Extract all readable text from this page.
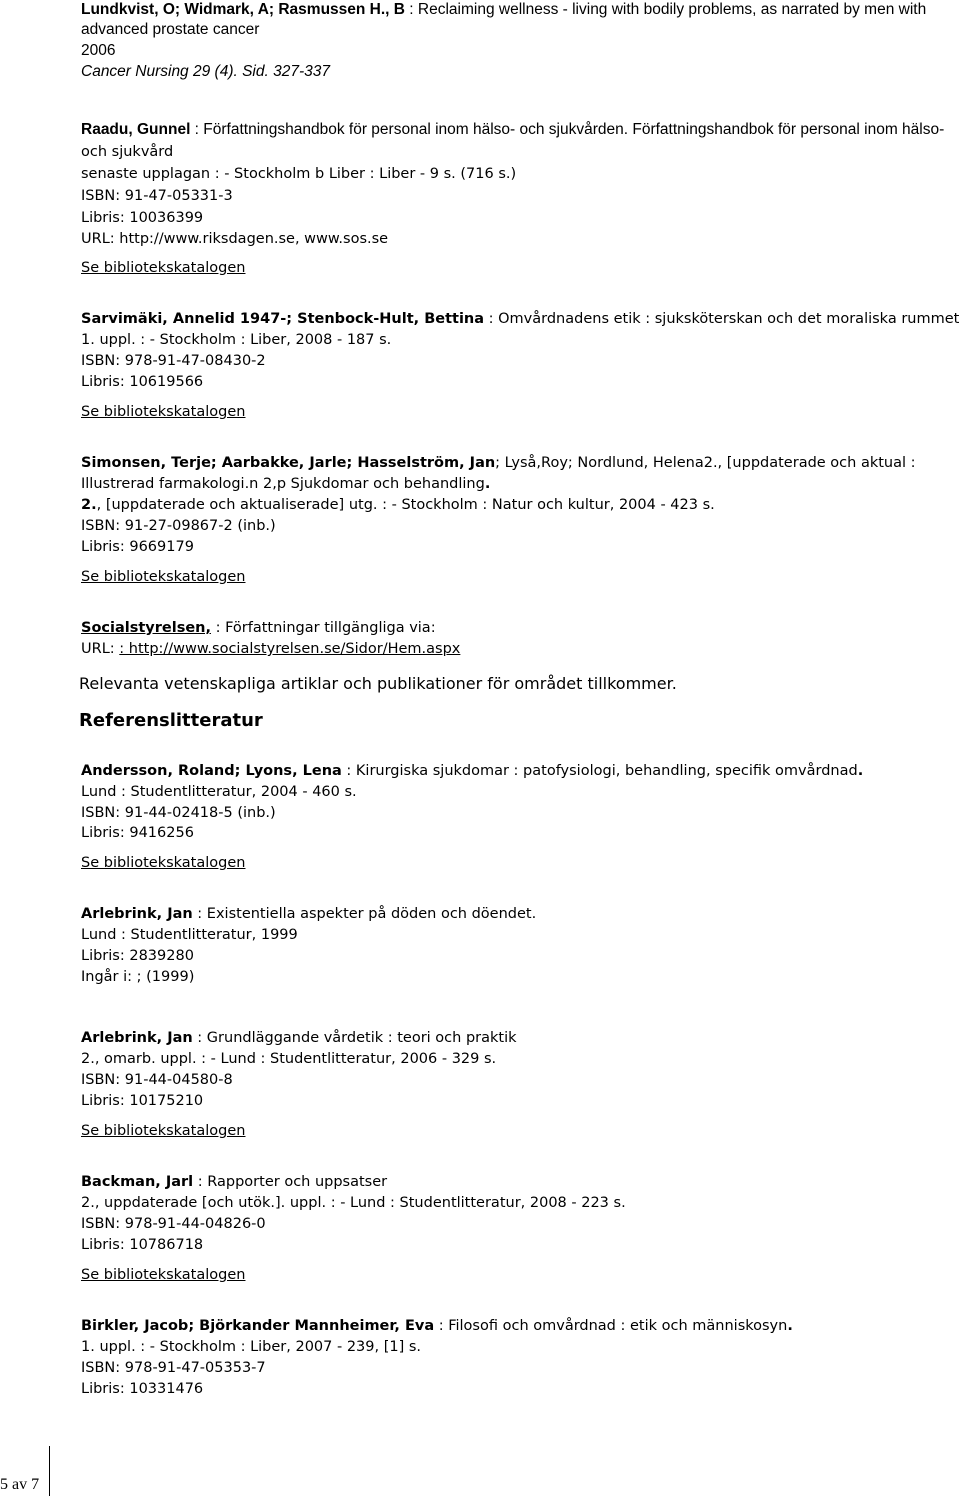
Lundkvist, O; Widmark, A; Rasmussen H., B : Reclaiming wellness - living with bodily problems, as narrated by men with
advanced prostate cancer
2006
Cancer Nursing 29 (4). Sid. 327-337
Raadu, Gunnel : Författningshandbok för personal inom hälso- och sjukvården. Författningshandbok för personal inom hälso-
och sjukvård
senaste upplagan : - Stockholm b Liber : Liber - 9 s. (716 s.)
ISBN: 91-47-05331-3
Libris: 10036399
URL: http://www.riksdagen.se, www.sos.se
Se bibliotekskatalogen
Sarvimäki, Annelid 1947-; Stenbock-Hult, Bettina : Omvårdnadens etik : sjuksköterskan och det moraliska rummet
1. uppl. : - Stockholm : Liber, 2008 - 187 s.
ISBN: 978-91-47-08430-2
Libris: 10619566
Se bibliotekskatalogen
Simonsen, Terje; Aarbakke, Jarle; Hasselström, Jan; Lyså,Roy; Nordlund, Helena2., [uppdaterade och aktual :
Illustrerad farmakologi.n 2,p Sjukdomar och behandling.
2., [uppdaterade och aktualiserade] utg. : - Stockholm : Natur och kultur, 2004 - 423 s.
ISBN: 91-27-09867-2 (inb.)
Libris: 9669179
Se bibliotekskatalogen
Socialstyrelsen, : Författningar tillgängliga via:
URL: : http://www.socialstyrelsen.se/Sidor/Hem.aspx
Relevanta vetenskapliga artiklar och publikationer för området tillkommer.
Referenslitteratur
Andersson, Roland; Lyons, Lena : Kirurgiska sjukdomar : patofysiologi, behandling, specifik omvårdnad.
Lund : Studentlitteratur, 2004 - 460 s.
ISBN: 91-44-02418-5 (inb.)
Libris: 9416256
Se bibliotekskatalogen
Arlebrink, Jan : Existentiella aspekter på döden och döendet.
Lund : Studentlitteratur, 1999
Libris: 2839280
Ingår i: ; (1999)
Arlebrink, Jan : Grundläggande vårdetik : teori och praktik
2., omarb. uppl. : - Lund : Studentlitteratur, 2006 - 329 s.
ISBN: 91-44-04580-8
Libris: 10175210
Se bibliotekskatalogen
Backman, Jarl : Rapporter och uppsatser
2., uppdaterade [och utök.]. uppl. : - Lund : Studentlitteratur, 2008 - 223 s.
ISBN: 978-91-44-04826-0
Libris: 10786718
Se bibliotekskatalogen
Birkler, Jacob; Björkander Mannheimer, Eva : Filosofi och omvårdnad : etik och människosyn.
1. uppl. : - Stockholm : Liber, 2007 - 239, [1] s.
ISBN: 978-91-47-05353-7
Libris: 10331476
5 av 7
